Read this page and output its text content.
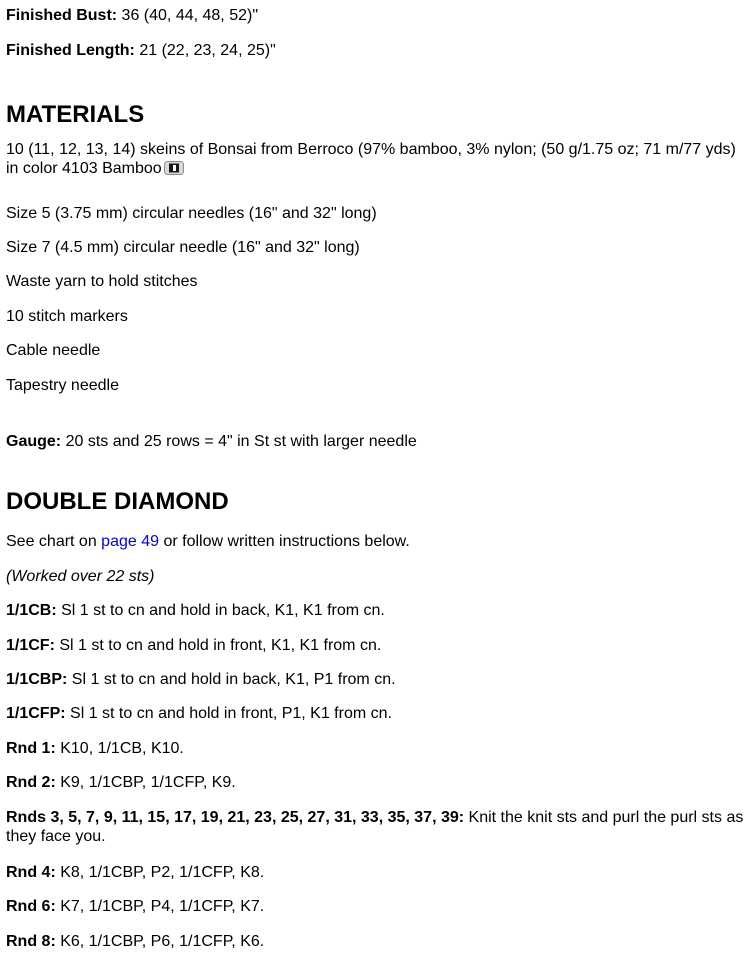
Finished Bust: 36 (40, 44, 48, 52)"

Finished Length: 21 (22, 23, 24, 25)"

MATERIALS

10 (11, 12, 13, 14) skeins of Bonsai from Berroco (97% bamboo, 3% nylon; (50 g/1.75 oz; 71 m/77 yds) in color 4103 Bamboo

Size 5 (3.75 mm) circular needles (16" and 32" long)

Size 7 (4.5 mm) circular needle (16" and 32" long)

Waste yarn to hold stitches

10 stitch markers

Cable needle

Tapestry needle

Gauge: 20 sts and 25 rows = 4" in St st with larger needle

DOUBLE DIAMOND

See chart on page 49 or follow written instructions below.

(Worked over 22 sts)

1/1CB: Sl 1 st to cn and hold in back, K1, K1 from cn.

1/1CF: Sl 1 st to cn and hold in front, K1, K1 from cn.

1/1CBP: Sl 1 st to cn and hold in back, K1, P1 from cn.

1/1CFP: Sl 1 st to cn and hold in front, P1, K1 from cn.

Rnd 1: K10, 1/1CB, K10.

Rnd 2: K9, 1/1CBP, 1/1CFP, K9.

Rnds 3, 5, 7, 9, 11, 15, 17, 19, 21, 23, 25, 27, 31, 33, 35, 37, 39: Knit the knit sts and purl the purl sts as they face you.

Rnd 4: K8, 1/1CBP, P2, 1/1CFP, K8.

Rnd 6: K7, 1/1CBP, P4, 1/1CFP, K7.

Rnd 8: K6, 1/1CBP, P6, 1/1CFP, K6.
